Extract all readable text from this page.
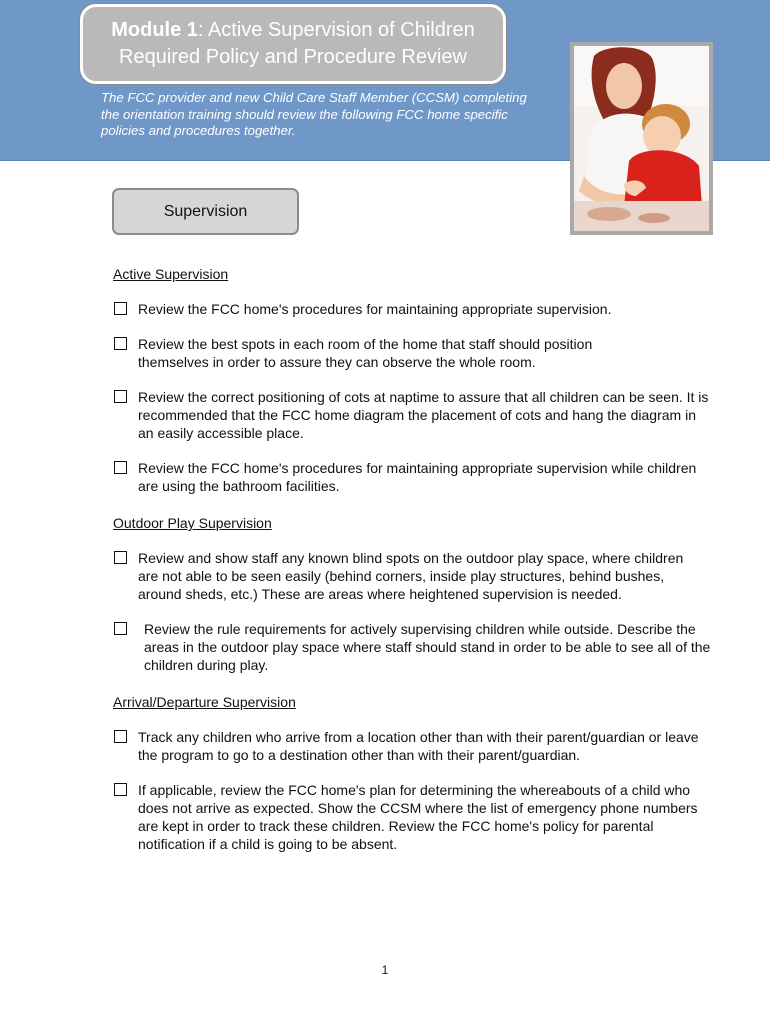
Module 1: Active Supervision of Children
Required Policy and Procedure Review
The FCC provider and new Child Care Staff Member (CCSM) completing the orientation training should review the following FCC home specific policies and procedures together.
Supervision

Active Supervision

Review the FCC home's procedures for maintaining appropriate supervision.
Review the best spots in each room of the home that staff should position themselves in order to assure they can observe the whole room.
Review the correct positioning of cots at naptime to assure that all children can be seen. It is recommended that the FCC home diagram the placement of cots and hang the diagram in an easily accessible place.
Review the FCC home's procedures for maintaining appropriate supervision while children are using the bathroom facilities.

Outdoor Play Supervision

Review and show staff any known blind spots on the outdoor play space, where children are not able to be seen easily (behind corners, inside play structures, behind bushes, around sheds, etc.) These are areas where heightened supervision is needed.
Review the rule requirements for actively supervising children while outside. Describe the areas in the outdoor play space where staff should stand in order to be able to see all of the children during play.

Arrival/Departure Supervision

Track any children who arrive from a location other than with their parent/guardian or leave the program to go to a destination other than with their parent/guardian.
If applicable, review the FCC home's plan for determining the whereabouts of a child who does not arrive as expected. Show the CCSM where the list of emergency phone numbers are kept in order to track these children. Review the FCC home's policy for parental notification if a child is going to be absent.
1
